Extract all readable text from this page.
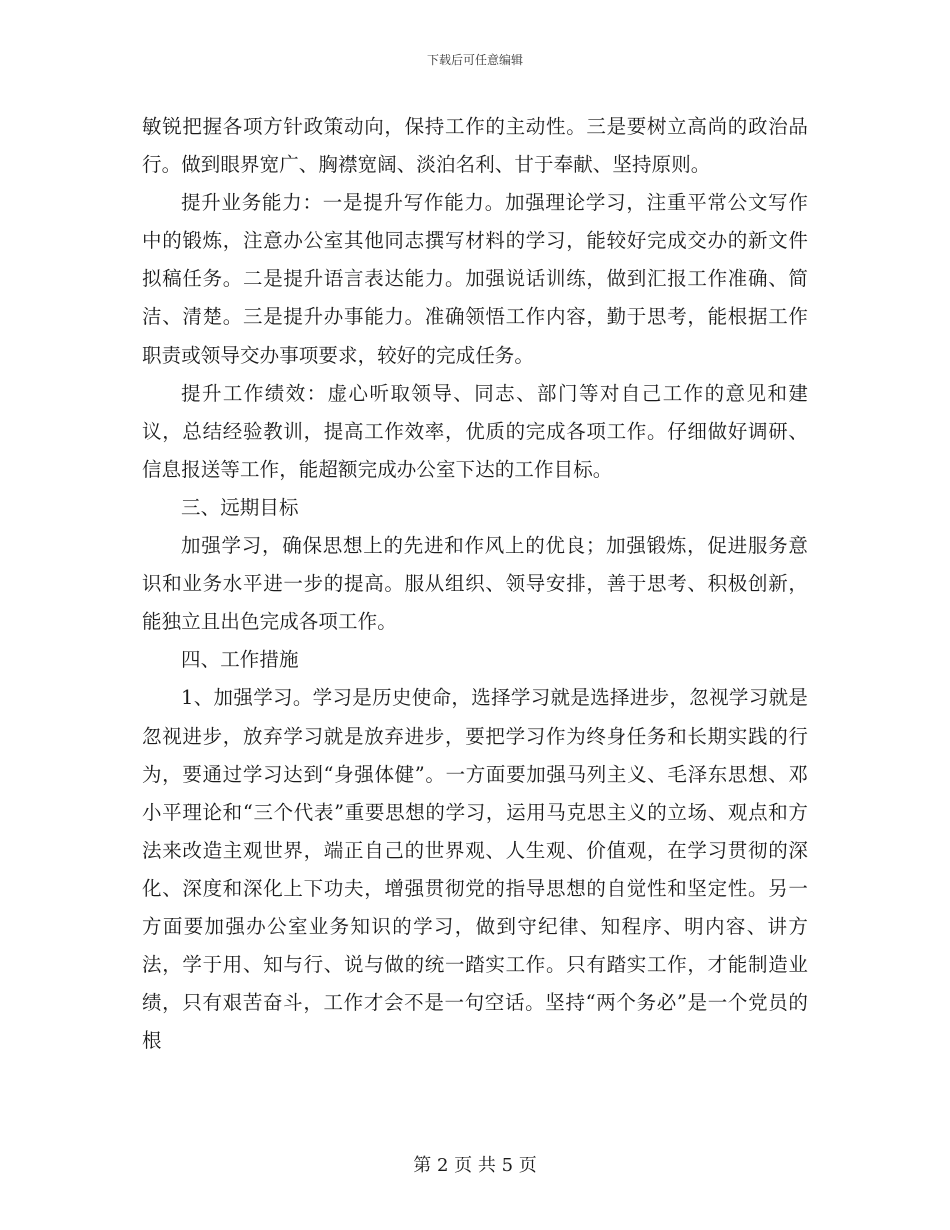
下载后可任意编辑

敏锐把握各项方针政策动向，保持工作的主动性。三是要树立高尚的政治品行。做到眼界宽广、胸襟宽阔、淡泊名利、甘于奉献、坚持原则。

提升业务能力：一是提升写作能力。加强理论学习，注重平常公文写作中的锻炼，注意办公室其他同志撰写材料的学习，能较好完成交办的新文件拟稿任务。二是提升语言表达能力。加强说话训练，做到汇报工作准确、简洁、清楚。三是提升办事能力。准确领悟工作内容，勤于思考，能根据工作职责或领导交办事项要求，较好的完成任务。

提升工作绩效：虚心听取领导、同志、部门等对自己工作的意见和建议，总结经验教训，提高工作效率，优质的完成各项工作。仔细做好调研、信息报送等工作，能超额完成办公室下达的工作目标。

三、远期目标

加强学习，确保思想上的先进和作风上的优良；加强锻炼，促进服务意识和业务水平进一步的提高。服从组织、领导安排，善于思考、积极创新，能独立且出色完成各项工作。

四、工作措施

1、加强学习。学习是历史使命，选择学习就是选择进步，忽视学习就是忽视进步，放弃学习就是放弃进步，要把学习作为终身任务和长期实践的行为，要通过学习达到“身强体健”。一方面要加强马列主义、毛泽东思想、邓小平理论和“三个代表”重要思想的学习，运用马克思主义的立场、观点和方法来改造主观世界，端正自己的世界观、人生观、价值观，在学习贯彻的深化、深度和深化上下功夫，增强贯彻党的指导思想的自觉性和坚定性。另一方面要加强办公室业务知识的学习，做到守纪律、知程序、明内容、讲方法，学于用、知与行、说与做的统一踏实工作。只有踏实工作，才能制造业绩，只有艰苦奋斗，工作才会不是一句空话。坚持“两个务必”是一个党员的根

第 2 页 共 5 页
